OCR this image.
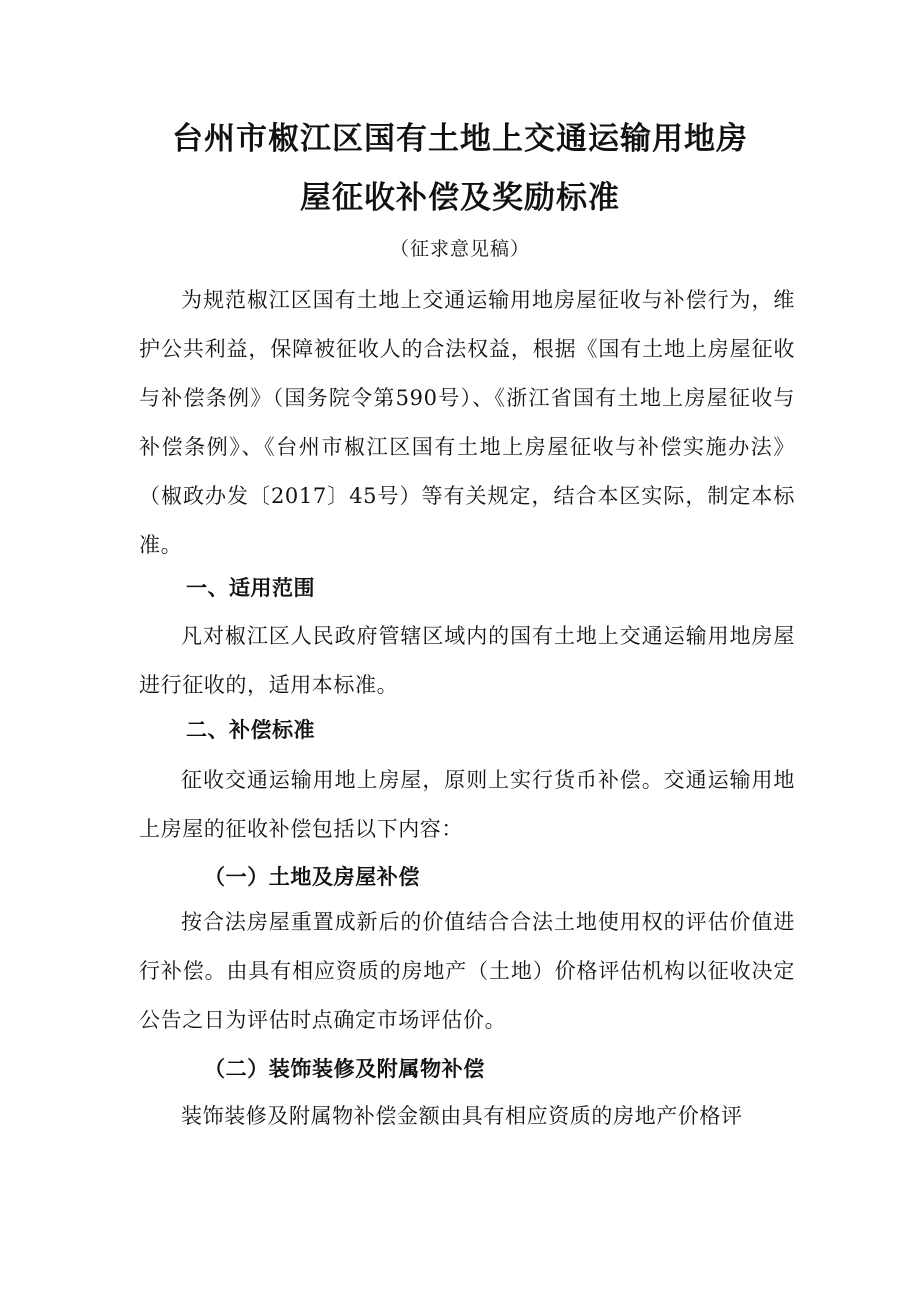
台州市椒江区国有土地上交通运输用地房
屋征收补偿及奖励标准
（征求意见稿）

为规范椒江区国有土地上交通运输用地房屋征收与补偿行为，维护公共利益，保障被征收人的合法权益，根据《国有土地上房屋征收与补偿条例》（国务院令第590号）、《浙江省国有土地上房屋征收与补偿条例》、《台州市椒江区国有土地上房屋征收与补偿实施办法》（椒政办发〔2017〕45号）等有关规定，结合本区实际，制定本标准。

一、适用范围

凡对椒江区人民政府管辖区域内的国有土地上交通运输用地房屋进行征收的，适用本标准。

二、补偿标准

征收交通运输用地上房屋，原则上实行货币补偿。交通运输用地上房屋的征收补偿包括以下内容：

（一）土地及房屋补偿

按合法房屋重置成新后的价值结合合法土地使用权的评估价值进行补偿。由具有相应资质的房地产（土地）价格评估机构以征收决定公告之日为评估时点确定市场评估价。

（二）装饰装修及附属物补偿

装饰装修及附属物补偿金额由具有相应资质的房地产价格评
